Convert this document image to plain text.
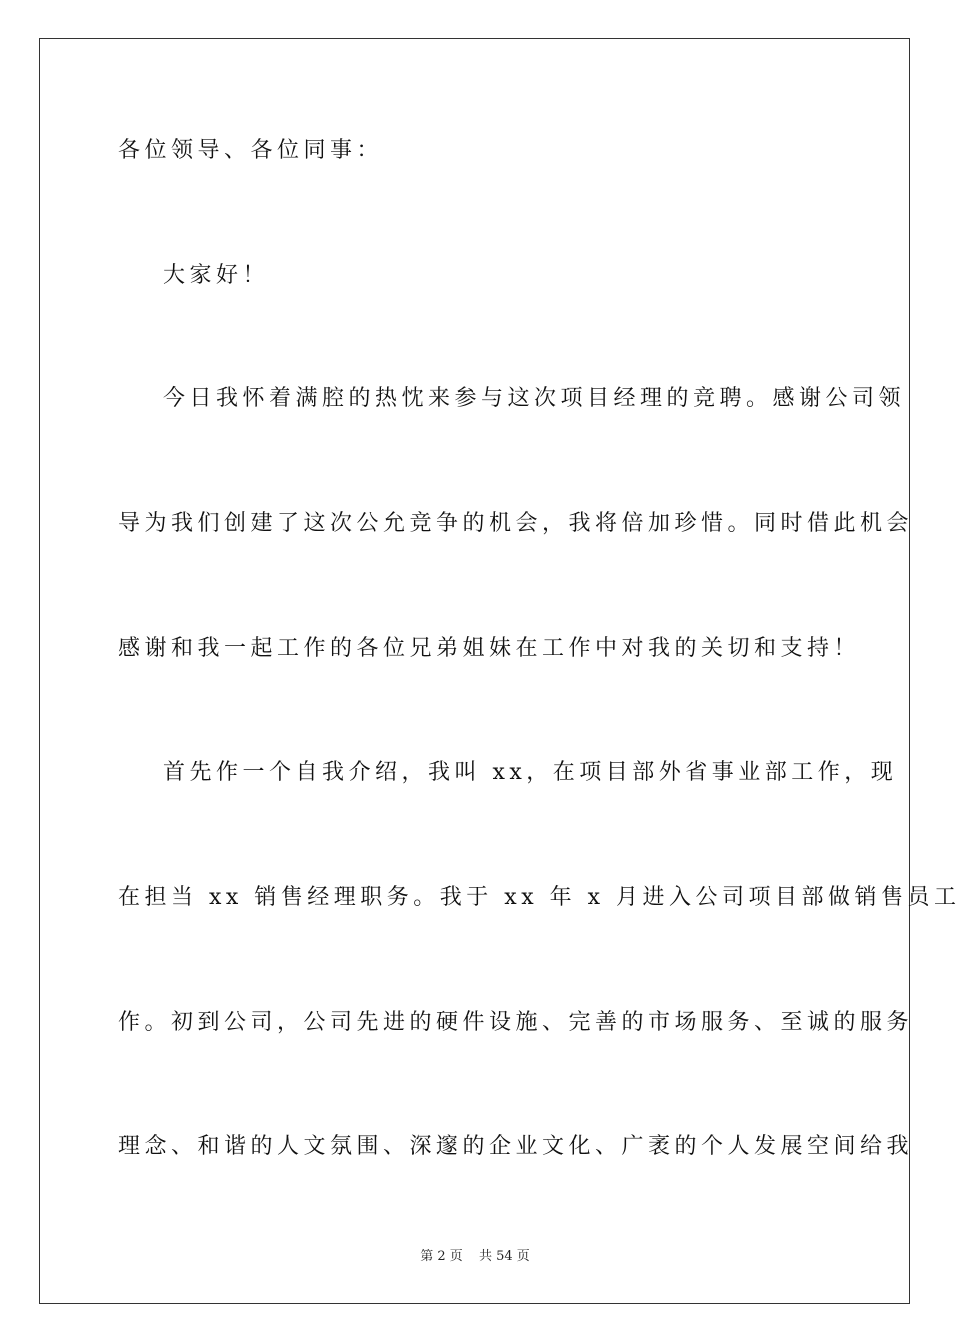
各位领导、各位同事：
大家好！
今日我怀着满腔的热忱来参与这次项目经理的竞聘。感谢公司领
导为我们创建了这次公允竞争的机会，我将倍加珍惜。同时借此机会
感谢和我一起工作的各位兄弟姐妹在工作中对我的关切和支持！
首先作一个自我介绍，我叫 xx，在项目部外省事业部工作，现
在担当 xx 销售经理职务。我于 xx 年 x 月进入公司项目部做销售员工
作。初到公司，公司先进的硬件设施、完善的市场服务、至诚的服务
理念、和谐的人文氛围、深邃的企业文化、广袤的个人发展空间给我
第 2 页 共 54 页
